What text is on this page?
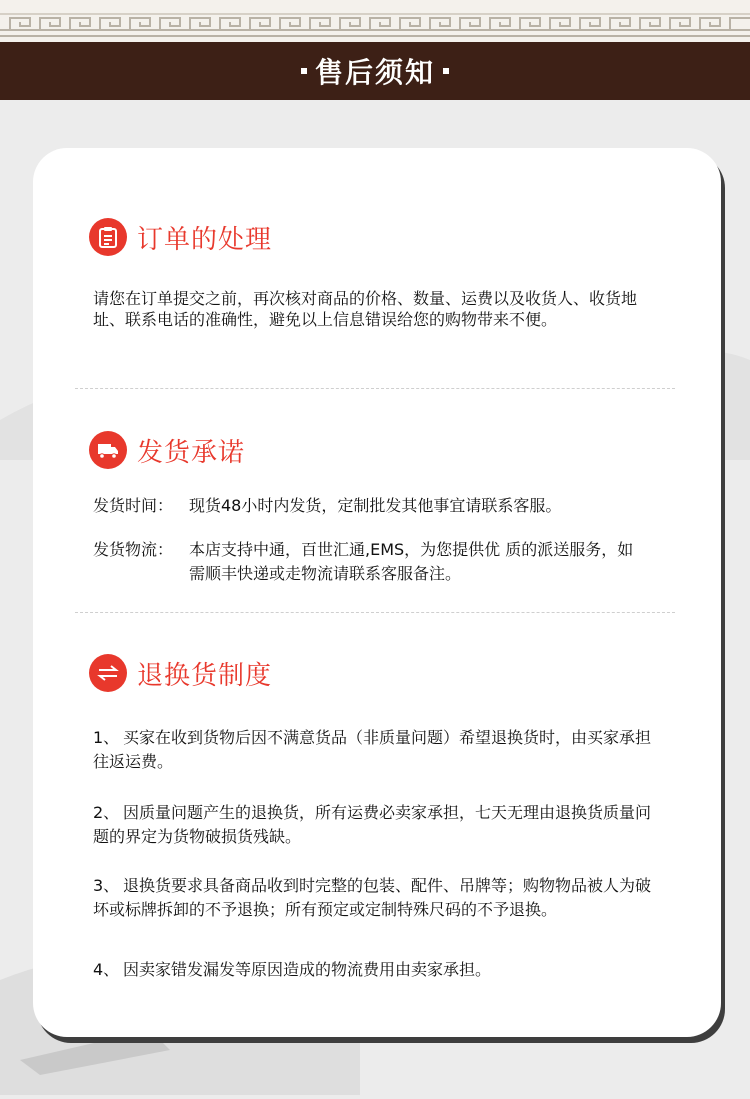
售后须知
订单的处理
请您在订单提交之前，再次核对商品的价格、数量、运费以及收货人、收货地址、联系电话的准确性，避免以上信息错误给您的购物带来不便。
发货承诺
发货时间： 现货48小时内发货，定制批发其他事宜请联系客服。
发货物流： 本店支持中通，百世汇通,EMS，为您提供优 质的派送服务，如需顺丰快递或走物流请联系客服备注。
退换货制度
1、 买家在收到货物后因不满意货品（非质量问题）希望退换货时，由买家承担往返运费。
2、 因质量问题产生的退换货，所有运费必卖家承担，七天无理由退换货质量问题的界定为货物破损货残缺。
3、 退换货要求具备商品收到时完整的包装、配件、吊牌等；购物物品被人为破坏或标牌拆卸的不予退换；所有预定或定制特殊尺码的不予退换。
4、 因卖家错发漏发等原因造成的物流费用由卖家承担。
